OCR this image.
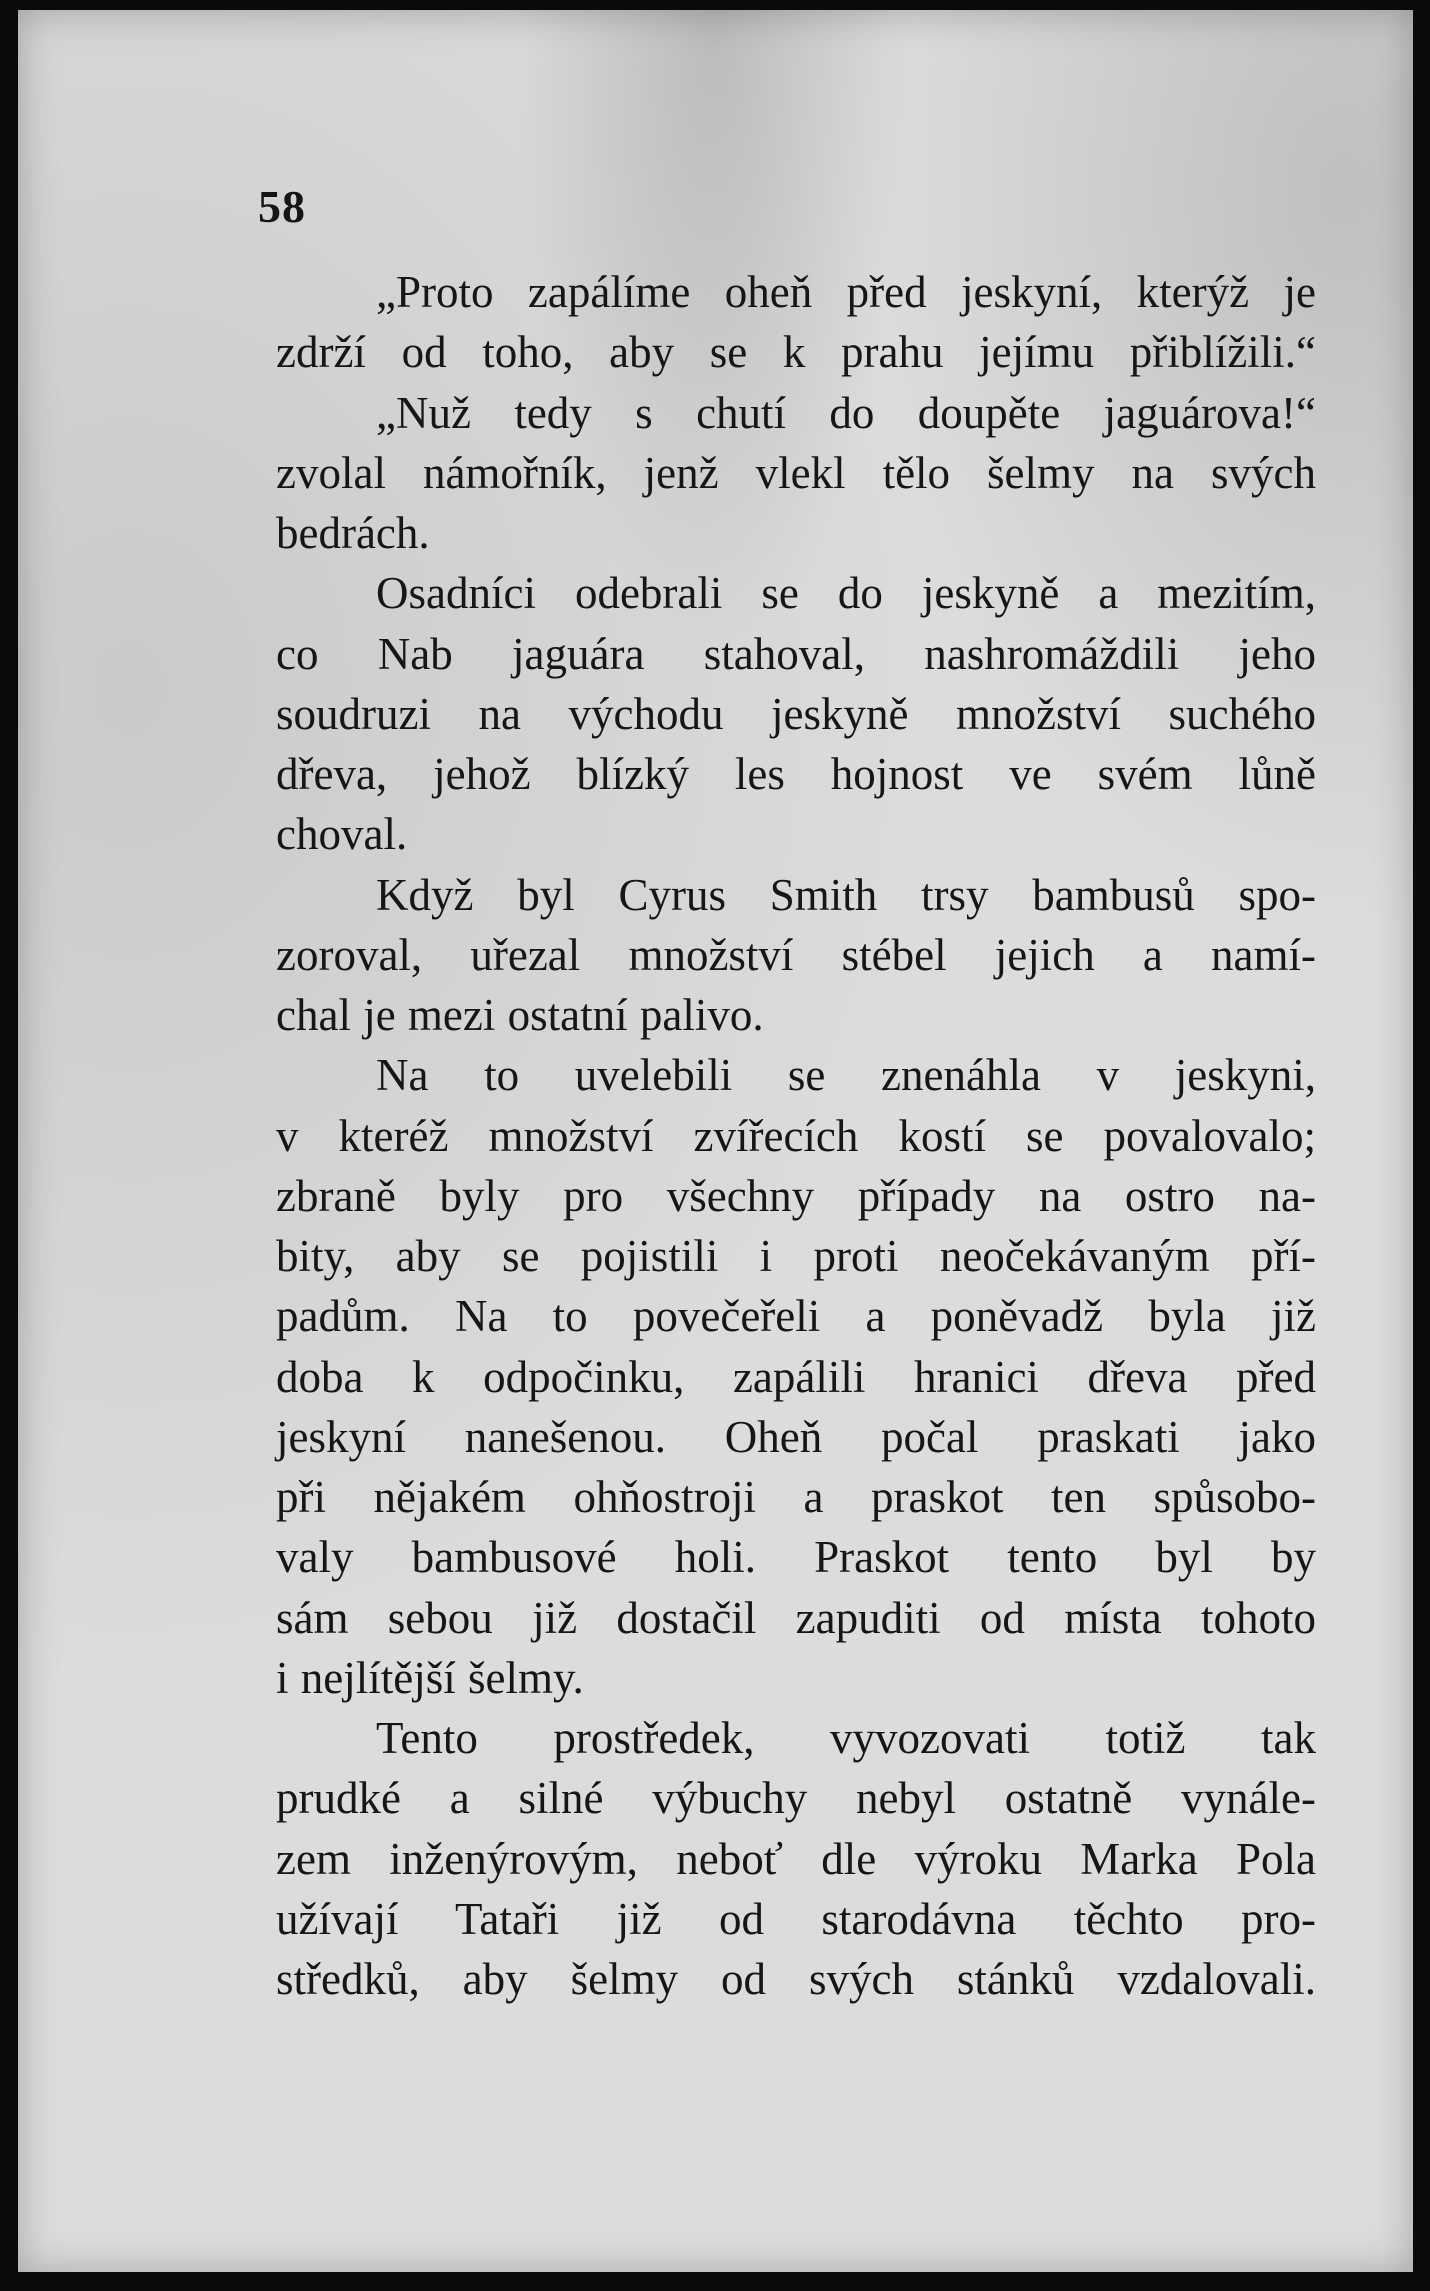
58
„Proto zapálíme oheň před jeskyní, kterýž je
zdrží od toho, aby se k prahu jejímu přiblížili.“
„Nuž tedy s chutí do doupěte jaguárova!“
zvolal námořník, jenž vlekl tělo šelmy na svých
bedrách.
Osadníci odebrali se do jeskyně a mezitím,
co Nab jaguára stahoval, nashromáždili jeho
soudruzi na východu jeskyně množství suchého
dřeva, jehož blízký les hojnost ve svém lůně
choval.
Když byl Cyrus Smith trsy bambusů spo-
zoroval, uřezal množství stébel jejich a namí-
chal je mezi ostatní palivo.
Na to uvelebili se znenáhla v jeskyni,
v kteréž množství zvířecích kostí se povalovalo;
zbraně byly pro všechny případy na ostro na-
bity, aby se pojistili i proti neočekávaným pří-
padům. Na to povečeřeli a poněvadž byla již
doba k odpočinku, zapálili hranici dřeva před
jeskyní nanešenou. Oheň počal praskati jako
při nějakém ohňostroji a praskot ten spůsobo-
valy bambusové holi. Praskot tento byl by
sám sebou již dostačil zapuditi od místa tohoto
i nejlítější šelmy.
Tento prostředek, vyvozovati totiž tak
prudké a silné výbuchy nebyl ostatně vynále-
zem inženýrovým, neboť dle výroku Marka Pola
užívají Tataři již od starodávna těchto pro-
středků, aby šelmy od svých stánků vzdalovali.
